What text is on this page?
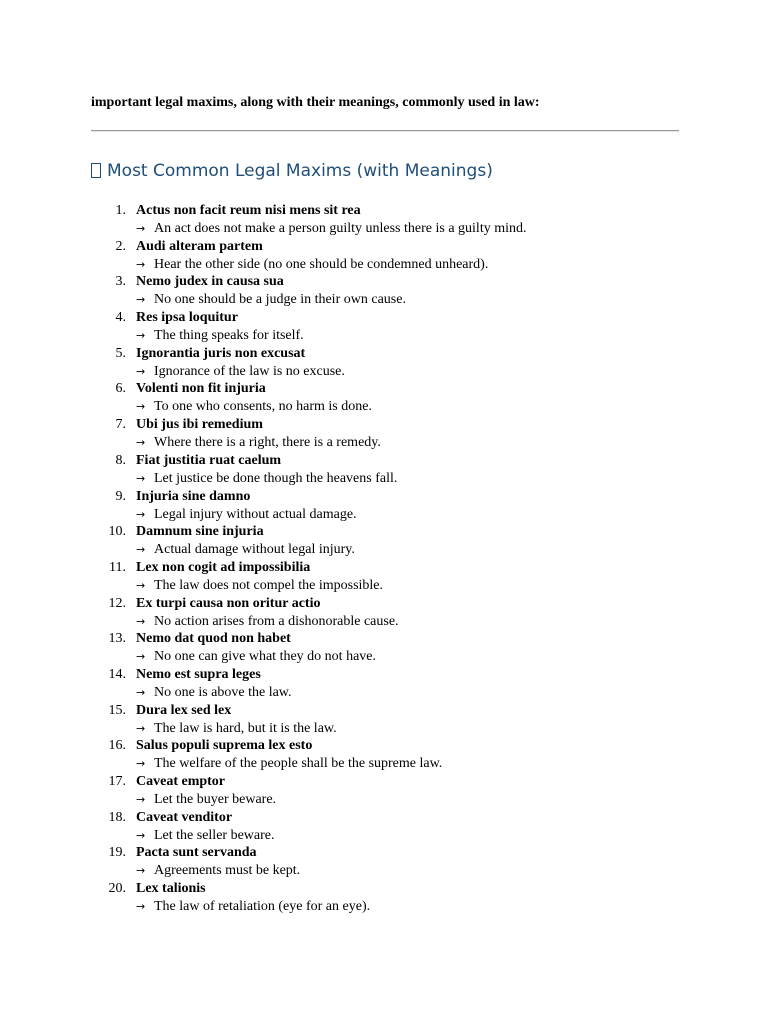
important legal maxims, along with their meanings, commonly used in law:

Most Common Legal Maxims (with Meanings)
1. Actus non facit reum nisi mens sit rea
→ An act does not make a person guilty unless there is a guilty mind.
2. Audi alteram partem
→ Hear the other side (no one should be condemned unheard).
3. Nemo judex in causa sua
→ No one should be a judge in their own cause.
4. Res ipsa loquitur
→ The thing speaks for itself.
5. Ignorantia juris non excusat
→ Ignorance of the law is no excuse.
6. Volenti non fit injuria
→ To one who consents, no harm is done.
7. Ubi jus ibi remedium
→ Where there is a right, there is a remedy.
8. Fiat justitia ruat caelum
→ Let justice be done though the heavens fall.
9. Injuria sine damno
→ Legal injury without actual damage.
10. Damnum sine injuria
→ Actual damage without legal injury.
11. Lex non cogit ad impossibilia
→ The law does not compel the impossible.
12. Ex turpi causa non oritur actio
→ No action arises from a dishonorable cause.
13. Nemo dat quod non habet
→ No one can give what they do not have.
14. Nemo est supra leges
→ No one is above the law.
15. Dura lex sed lex
→ The law is hard, but it is the law.
16. Salus populi suprema lex esto
→ The welfare of the people shall be the supreme law.
17. Caveat emptor
→ Let the buyer beware.
18. Caveat venditor
→ Let the seller beware.
19. Pacta sunt servanda
→ Agreements must be kept.
20. Lex talionis
→ The law of retaliation (eye for an eye).
